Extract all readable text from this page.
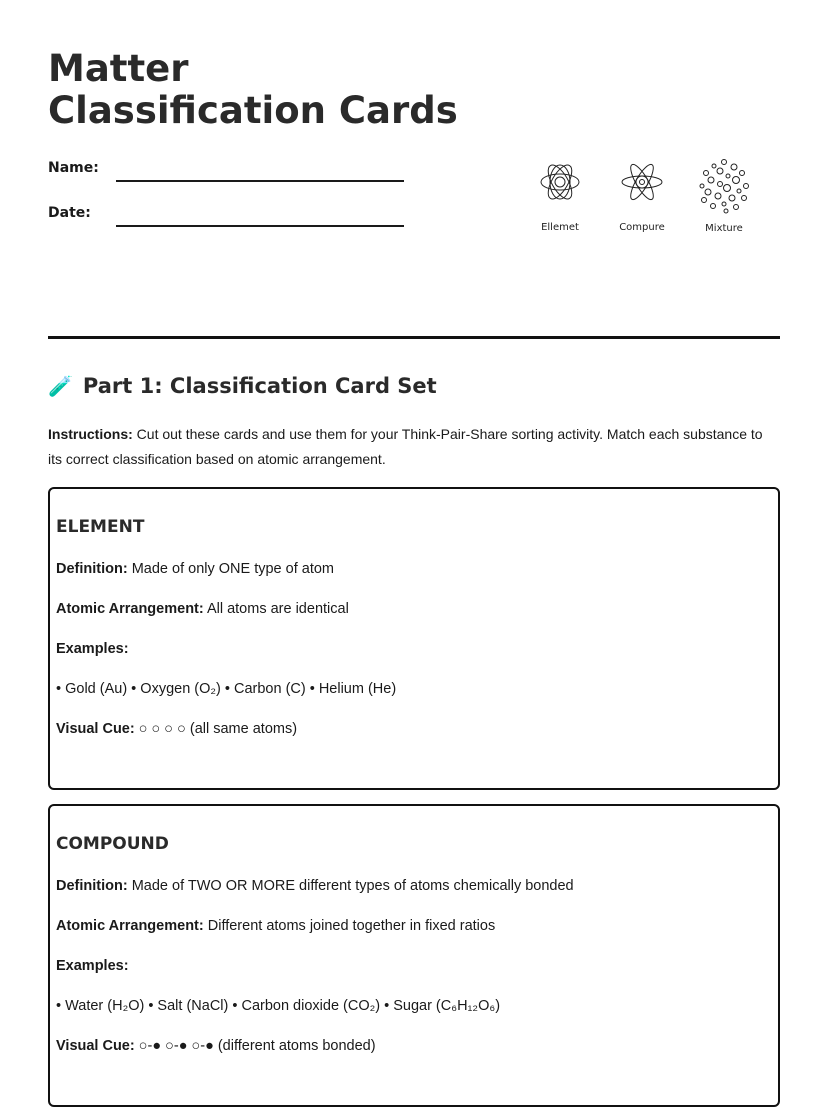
Matter Classification Cards
Name:
Date:
Ellemet	Compure	Mixture
🧪 Part 1: Classification Card Set

Instructions: Cut out these cards and use them for your Think-Pair-Share sorting activity. Match each substance to its correct classification based on atomic arrangement.

ELEMENT

Definition: Made of only ONE type of atom

Atomic Arrangement: All atoms are identical

Examples:

• Gold (Au) • Oxygen (O₂) • Carbon (C) • Helium (He)

Visual Cue: ○ ○ ○ ○ (all same atoms)

COMPOUND

Definition: Made of TWO OR MORE different types of atoms chemically bonded

Atomic Arrangement: Different atoms joined together in fixed ratios

Examples:

• Water (H₂O) • Salt (NaCl) • Carbon dioxide (CO₂) • Sugar (C₆H₁₂O₆)

Visual Cue: ○-● ○-● ○-● (different atoms bonded)
